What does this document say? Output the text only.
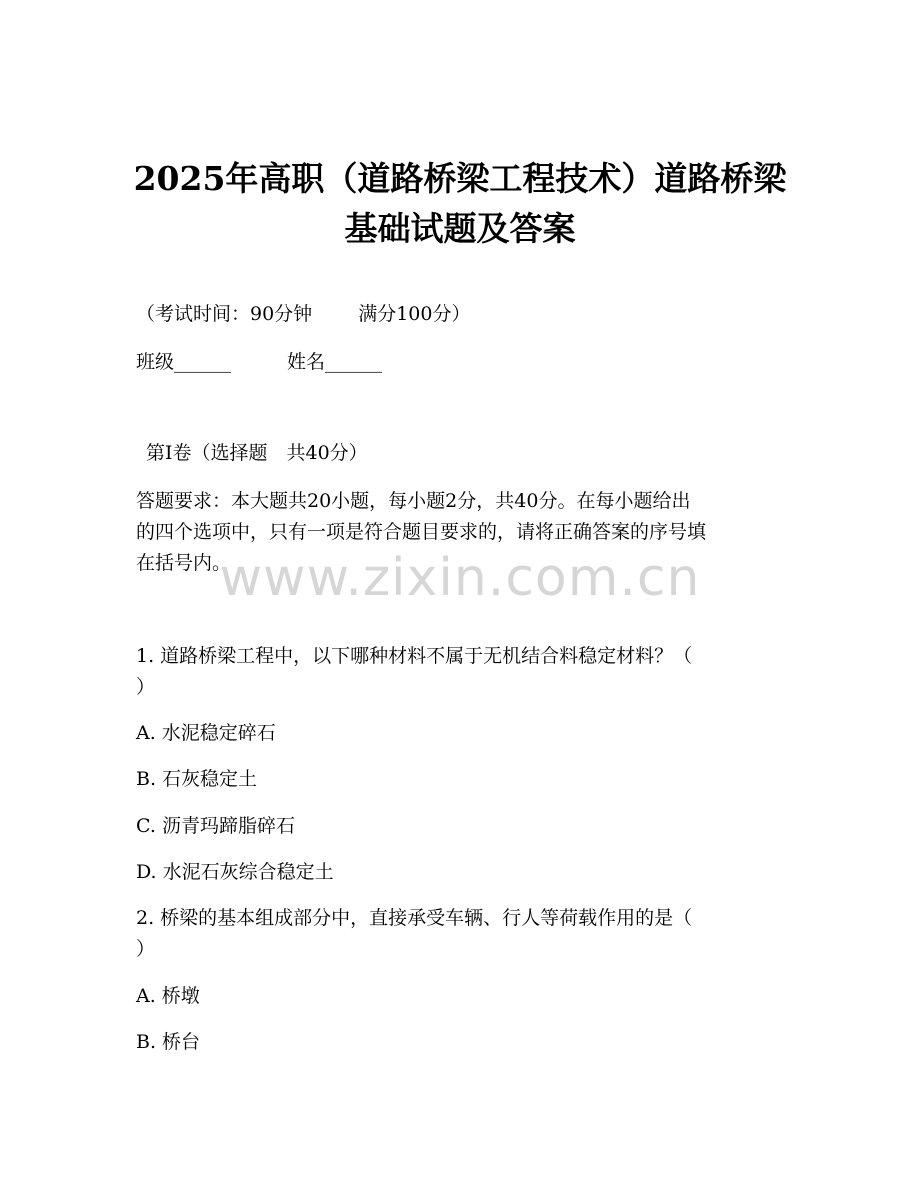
2025年高职（道路桥梁工程技术）道路桥梁
基础试题及答案
（考试时间：90分钟 满分100分）
班级______	姓名______
第Ⅰ卷（选择题　共40分）
答题要求：本大题共20小题，每小题2分，共40分。在每小题给出
的四个选项中，只有一项是符合题目要求的，请将正确答案的序号填
在括号内。
www.zixin.com.cn
1. 道路桥梁工程中，以下哪种材料不属于无机结合料稳定材料？（
）
A. 水泥稳定碎石
B. 石灰稳定土
C. 沥青玛蹄脂碎石
D. 水泥石灰综合稳定土
2. 桥梁的基本组成部分中，直接承受车辆、行人等荷载作用的是（
）
A. 桥墩
B. 桥台
